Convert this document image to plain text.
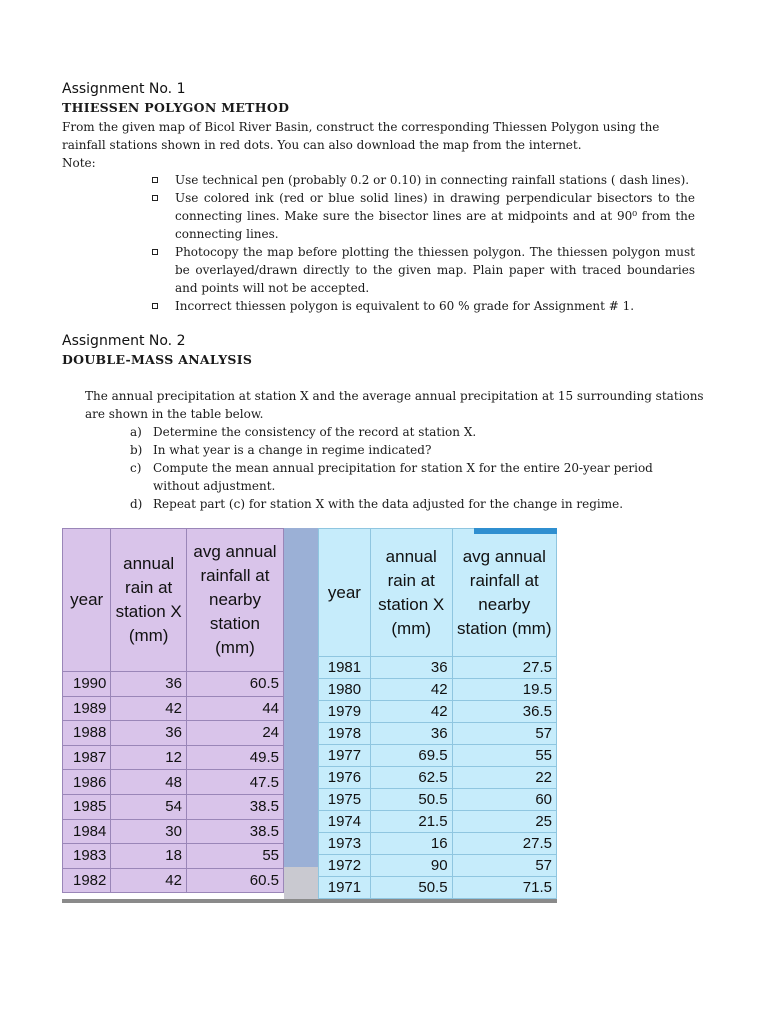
Assignment No. 1
THIESSEN POLYGON METHOD
From the given map of Bicol River Basin, construct the corresponding Thiessen Polygon using the
rainfall stations shown in red dots. You can also download the map from the internet.
Note:
Use technical pen (probably 0.2 or 0.10) in connecting rainfall stations ( dash lines).
Use colored ink (red or blue solid lines) in drawing perpendicular bisectors to the connecting lines. Make sure the bisector lines are at midpoints and at 90⁰ from the connecting lines.
Photocopy the map before plotting the thiessen polygon. The thiessen polygon must be overlayed/drawn directly to the given map. Plain paper with traced boundaries and points will not be accepted.
Incorrect thiessen polygon is equivalent to 60 % grade for Assignment # 1.
Assignment No. 2
DOUBLE-MASS ANALYSIS
The annual precipitation at station X and the average annual precipitation at 15 surrounding stations
are shown in the table below.
a) Determine the consistency of the record at station X.
b) In what year is a change in regime indicated?
c) Compute the mean annual precipitation for station X for the entire 20-year period without adjustment.
d) Repeat part (c) for station X with the data adjusted for the change in regime.
year	annual rain at station X (mm)	avg annual rainfall at nearby station (mm)
1990	36	60.5
1989	42	44
1988	36	24
1987	12	49.5
1986	48	47.5
1985	54	38.5
1984	30	38.5
1983	18	55
1982	42	60.5
year	annual rain at station X (mm)	avg annual rainfall at nearby station (mm)
1981	36	27.5
1980	42	19.5
1979	42	36.5
1978	36	57
1977	69.5	55
1976	62.5	22
1975	50.5	60
1974	21.5	25
1973	16	27.5
1972	90	57
1971	50.5	71.5
